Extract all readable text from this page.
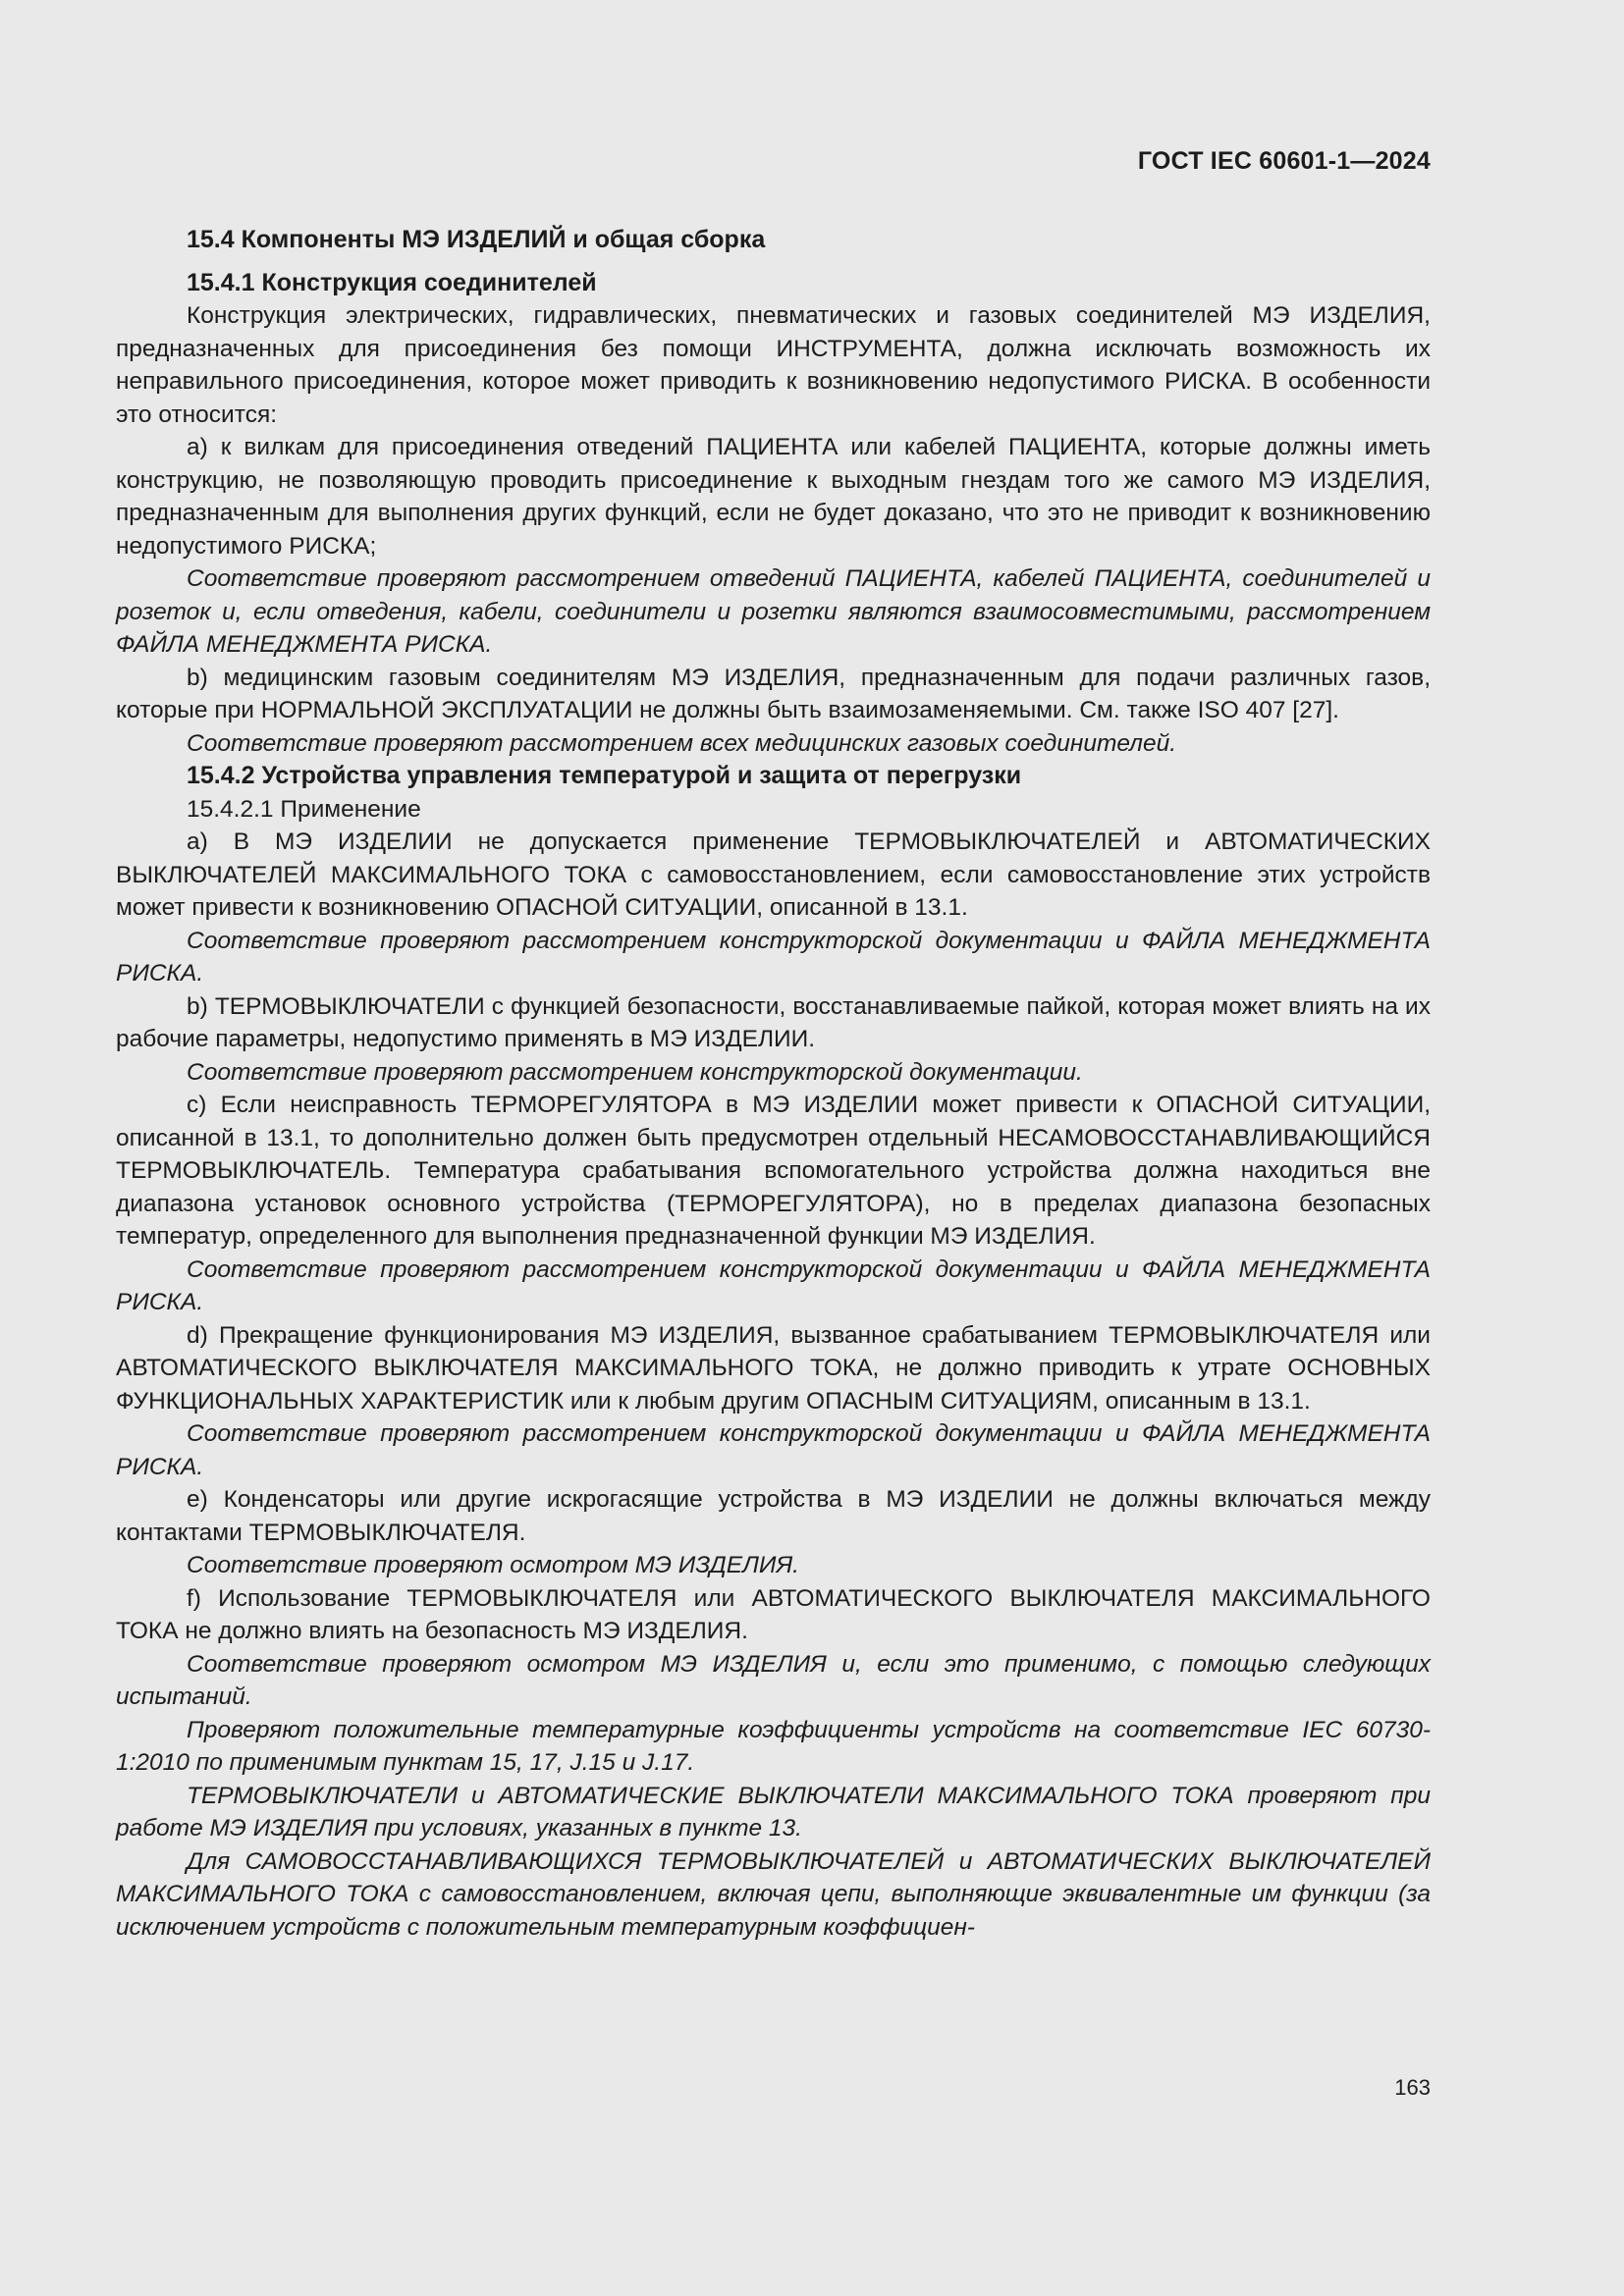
ГОСТ IEC 60601-1—2024

15.4 Компоненты МЭ ИЗДЕЛИЙ и общая сборка

15.4.1 Конструкция соединителей

Конструкция электрических, гидравлических, пневматических и газовых соединителей МЭ ИЗДЕЛИЯ, предназначенных для присоединения без помощи ИНСТРУМЕНТА, должна исключать возможность их неправильного присоединения, которое может приводить к возникновению недопустимого РИСКА. В особенности это относится:

a) к вилкам для присоединения отведений ПАЦИЕНТА или кабелей ПАЦИЕНТА, которые должны иметь конструкцию, не позволяющую проводить присоединение к выходным гнездам того же самого МЭ ИЗДЕЛИЯ, предназначенным для выполнения других функций, если не будет доказано, что это не приводит к возникновению недопустимого РИСКА;

Соответствие проверяют рассмотрением отведений ПАЦИЕНТА, кабелей ПАЦИЕНТА, соединителей и розеток и, если отведения, кабели, соединители и розетки являются взаимосовместимыми, рассмотрением ФАЙЛА МЕНЕДЖМЕНТА РИСКА.

b) медицинским газовым соединителям МЭ ИЗДЕЛИЯ, предназначенным для подачи различных газов, которые при НОРМАЛЬНОЙ ЭКСПЛУАТАЦИИ не должны быть взаимозаменяемыми. См. также ISO 407 [27].

Соответствие проверяют рассмотрением всех медицинских газовых соединителей.

15.4.2 Устройства управления температурой и защита от перегрузки

15.4.2.1 Применение

a) В МЭ ИЗДЕЛИИ не допускается применение ТЕРМОВЫКЛЮЧАТЕЛЕЙ и АВТОМАТИЧЕСКИХ ВЫКЛЮЧАТЕЛЕЙ МАКСИМАЛЬНОГО ТОКА с самовосстановлением, если самовосстановление этих устройств может привести к возникновению ОПАСНОЙ СИТУАЦИИ, описанной в 13.1.

Соответствие проверяют рассмотрением конструкторской документации и ФАЙЛА МЕНЕДЖМЕНТА РИСКА.

b) ТЕРМОВЫКЛЮЧАТЕЛИ с функцией безопасности, восстанавливаемые пайкой, которая может влиять на их рабочие параметры, недопустимо применять в МЭ ИЗДЕЛИИ.

Соответствие проверяют рассмотрением конструкторской документации.

c) Если неисправность ТЕРМОРЕГУЛЯТОРА в МЭ ИЗДЕЛИИ может привести к ОПАСНОЙ СИТУАЦИИ, описанной в 13.1, то дополнительно должен быть предусмотрен отдельный НЕСАМОВОССТАНАВЛИВАЮЩИЙСЯ ТЕРМОВЫКЛЮЧАТЕЛЬ. Температура срабатывания вспомогательного устройства должна находиться вне диапазона установок основного устройства (ТЕРМОРЕГУЛЯТОРА), но в пределах диапазона безопасных температур, определенного для выполнения предназначенной функции МЭ ИЗДЕЛИЯ.

Соответствие проверяют рассмотрением конструкторской документации и ФАЙЛА МЕНЕДЖМЕНТА РИСКА.

d) Прекращение функционирования МЭ ИЗДЕЛИЯ, вызванное срабатыванием ТЕРМОВЫКЛЮЧАТЕЛЯ или АВТОМАТИЧЕСКОГО ВЫКЛЮЧАТЕЛЯ МАКСИМАЛЬНОГО ТОКА, не должно приводить к утрате ОСНОВНЫХ ФУНКЦИОНАЛЬНЫХ ХАРАКТЕРИСТИК или к любым другим ОПАСНЫМ СИТУАЦИЯМ, описанным в 13.1.

Соответствие проверяют рассмотрением конструкторской документации и ФАЙЛА МЕНЕДЖМЕНТА РИСКА.

e) Конденсаторы или другие искрогасящие устройства в МЭ ИЗДЕЛИИ не должны включаться между контактами ТЕРМОВЫКЛЮЧАТЕЛЯ.

Соответствие проверяют осмотром МЭ ИЗДЕЛИЯ.

f) Использование ТЕРМОВЫКЛЮЧАТЕЛЯ или АВТОМАТИЧЕСКОГО ВЫКЛЮЧАТЕЛЯ МАКСИМАЛЬНОГО ТОКА не должно влиять на безопасность МЭ ИЗДЕЛИЯ.

Соответствие проверяют осмотром МЭ ИЗДЕЛИЯ и, если это применимо, с помощью следующих испытаний.

Проверяют положительные температурные коэффициенты устройств на соответствие IEC 60730-1:2010 по применимым пунктам 15, 17, J.15 и J.17.

ТЕРМОВЫКЛЮЧАТЕЛИ и АВТОМАТИЧЕСКИЕ ВЫКЛЮЧАТЕЛИ МАКСИМАЛЬНОГО ТОКА проверяют при работе МЭ ИЗДЕЛИЯ при условиях, указанных в пункте 13.

Для САМОВОССТАНАВЛИВАЮЩИХСЯ ТЕРМОВЫКЛЮЧАТЕЛЕЙ и АВТОМАТИЧЕСКИХ ВЫКЛЮЧАТЕЛЕЙ МАКСИМАЛЬНОГО ТОКА с самовосстановлением, включая цепи, выполняющие эквивалентные им функции (за исключением устройств с положительным температурным коэффициен-

163
